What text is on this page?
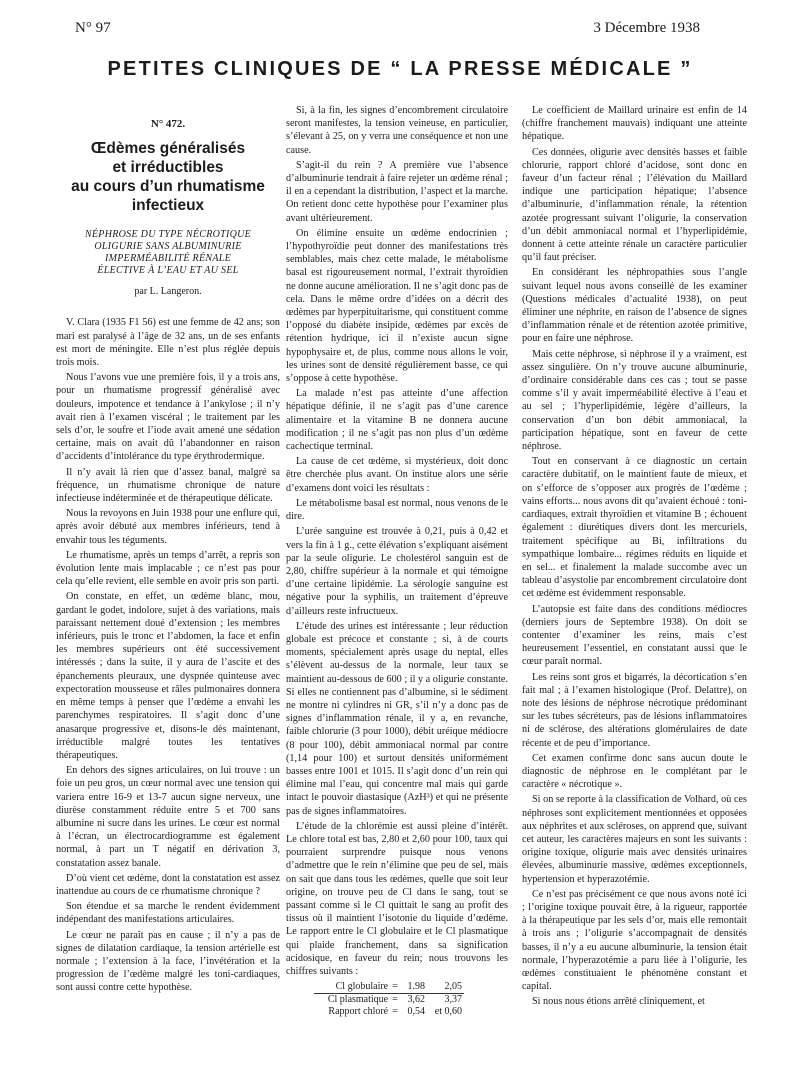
N° 97	3 Décembre 1938
PETITES CLINIQUES DE “ LA PRESSE MÉDICALE ”
N° 472.
Œdèmes généralisés
et irréductibles
au cours d’un rhumatisme
infectieux
NÉPHROSE DU TYPE NÉCROTIQUE
OLIGURIE SANS ALBUMINURIE
IMPERMÉABILITÉ RÉNALE
ÉLECTIVE À L’EAU ET AU SEL
par L. Langeron.

V. Clara (1935 F1 56) est une femme de 42 ans; son mari est paralysé à l’âge de 32 ans, un de ses enfants est mort de méningite. Elle n’est plus réglée depuis trois mois.

Nous l’avons vue une première fois, il y a trois ans, pour un rhumatisme progressif généralisé avec douleurs, impotence et tendance à l’ankylose ; il n’y avait rien à l’examen viscéral ; le traitement par les sels d’or, le soufre et l’iode avait amené une sédation certaine, mais on avait dû l’abandonner en raison d’accidents d’intolérance du type érythrodermique.

Il n’y avait là rien que d’assez banal, malgré sa fréquence, un rhumatisme chronique de nature infectieuse indéterminée et de thérapeutique délicate.

Nous la revoyons en Juin 1938 pour une enflure qui, après avoir débuté aux membres inférieurs, tend à envahir tous les téguments.

Le rhumatisme, après un temps d’arrêt, a repris son évolution lente mais implacable ; ce n’est pas pour cela qu’elle revient, elle semble en avoir pris son parti.

On constate, en effet, un œdème blanc, mou, gardant le godet, indolore, sujet à des variations, mais paraissant nettement doué d’extension ; les membres inférieurs, puis le tronc et l’abdomen, la face et enfin les membres supérieurs ont été successivement intéressés ; dans la suite, il y aura de l’ascite et des épanchements pleuraux, une dyspnée quinteuse avec expectoration mousseuse et râles pulmonaires donnera en même temps à penser que l’œdème a envahi les parenchymes respiratoires. Il s’agit donc d’une anasarque progressive et, disons-le dès maintenant, irréductible malgré toutes les tentatives thérapeutiques.

En dehors des signes articulaires, on lui trouve : un foie un peu gros, un cœur normal avec une tension qui variera entre 16-9 et 13-7 aucun signe nerveux, une diurèse constamment réduite entre 5 et 700 sans albumine ni sucre dans les urines. Le cœur est normal à l’écran, un électrocardiogramme est également normal, à part un T négatif en dérivation 3, constatation assez banale.

D’où vient cet œdème, dont la constatation est assez inattendue au cours de ce rhumatisme chronique ?

Son étendue et sa marche le rendent évidemment indépendant des manifestations articulaires.

Le cœur ne paraît pas en cause ; il n’y a pas de signes de dilatation cardiaque, la tension artérielle est normale ; l’extension à la face, l’invétération et la progression de l’œdème malgré les toni-cardiaques, sont aussi contre cette hypothèse.

Si, à la fin, les signes d’encombrement circulatoire seront manifestes, la tension veineuse, en particulier, s’élevant à 25, on y verra une conséquence et non une cause.

S’agit-il du rein ? A première vue l’absence d’albuminurie tendrait à faire rejeter un œdème rénal ; il en a cependant la distribution, l’aspect et la marche. On retient donc cette hypothèse pour l’examiner plus avant ultérieurement.

On élimine ensuite un œdème endocrinien ; l’hypothyroïdie peut donner des manifestations très semblables, mais chez cette malade, le métabolisme basal est rigoureusement normal, l’extrait thyroïdien ne donne aucune amélioration. Il ne s’agit donc pas de cela. Dans le même ordre d’idées on a décrit des œdèmes par hyperpituitarisme, qui constituent comme l’opposé du diabète insipide, œdèmes par excès de rétention hydrique, ici il n’existe aucun signe hypophysaire et, de plus, comme nous allons le voir, les urines sont de densité régulièrement basse, ce qui s’oppose à cette hypothèse.

La malade n’est pas atteinte d’une affection hépatique définie, il ne s’agit pas d’une carence alimentaire et la vitamine B ne donnera aucune modification ; il ne s’agit pas non plus d’un œdème cachectique terminal.

La cause de cet œdème, si mystérieux, doit donc être cherchée plus avant. On institue alors une série d’examens dont voici les résultats :

Le métabolisme basal est normal, nous venons de le dire.

L’urée sanguine est trouvée à 0,21, puis à 0,42 et vers la fin à 1 g., cette élévation s’expliquant aisément par la seule oligurie. Le cholestérol sanguin est de 2,80, chiffre supérieur à la normale et qui témoigne d’une certaine lipidémie. La sérologie sanguine est négative pour la syphilis, un traitement d’épreuve d’ailleurs reste infructueux.

L’étude des urines est intéressante ; leur réduction globale est précoce et constante ; si, à de courts moments, spécialement après usage du neptal, elles s’élèvent au-dessus de la normale, leur taux se maintient au-dessous de 600 ; il y a oligurie constante. Si elles ne contiennent pas d’albumine, si le sédiment ne montre ni cylindres ni GR, s’il n’y a donc pas de signes d’inflammation rénale, il y a, en revanche, faible chlorurie (3 pour 1000), débit uréique médiocre (8 pour 100), débit ammoniacal normal par contre (1,14 pour 100) et surtout densités uniformément basses entre 1001 et 1015. Il s’agit donc d’un rein qui élimine mal l’eau, qui concentre mal mais qui garde intact le pouvoir diastasique (AzH³) et qui ne présente pas de signes inflammatoires.

L’étude de la chlorémie est aussi pleine d’intérêt. Le chlore total est bas, 2,80 et 2,60 pour 100, taux qui pourraient surprendre puisque nous venons d’admettre que le rein n’élimine que peu de sel, mais on sait que dans tous les œdèmes, quelle que soit leur origine, on trouve peu de Cl dans le sang, tout se passant comme si le Cl quittait le sang au profit des tissus où il maintient l’isotonie du liquide d’œdème. Le rapport entre le Cl globulaire et le Cl plasmatique qui plaide franchement, dans sa signification acidosique, en faveur du rein; nous trouvons les chiffres suivants :

Cl globulaire	=	1.98	2,05
Cl plasmatique	=	3,62	3,37
Rapport chloré	=	0,54	et 0,60

Le coefficient de Maillard urinaire est enfin de 14 (chiffre franchement mauvais) indiquant une atteinte hépatique.

Ces données, oligurie avec densités basses et faible chlorurie, rapport chloré d’acidose, sont donc en faveur d’un facteur rénal ; l’élévation du Maillard indique une participation hépatique; l’absence d’albuminurie, d’inflammation rénale, la rétention azotée progressant suivant l’oligurie, la conservation d’un débit ammoniacal normal et l’hyperlipidémie, donnent à cette atteinte rénale un caractère particulier qu’il faut préciser.

En considérant les néphropathies sous l’angle suivant lequel nous avons conseillé de les examiner (Questions médicales d’actualité 1938), on peut éliminer une néphrite, en raison de l’absence de signes d’inflammation rénale et de rétention azotée primitive, pour en faire une néphrose.

Mais cette néphrose, si néphrose il y a vraiment, est assez singulière. On n’y trouve aucune albuminurie, d’ordinaire considérable dans ces cas ; tout se passe comme s’il y avait imperméabilité élective à l’eau et au sel ; l’hyperlipidémie, légère d’ailleurs, la conservation d’un bon débit ammoniacal, la participation hépatique, sont en faveur de cette néphrose.

Tout en conservant à ce diagnostic un certain caractère dubitatif, on le maintient faute de mieux, et on s’efforce de s’opposer aux progrès de l’œdème ; vains efforts... nous avons dit qu’avaient échoué : toni-cardiaques, extrait thyroïdien et vitamine B ; échouent également : diurétiques divers dont les mercuriels, traitement spécifique au Bi, infiltrations du sympathique lombaire... régimes réduits en liquide et en sel... et finalement la malade succombe avec un tableau d’asystolie par encombrement circulatoire dont cet œdème est évidemment responsable.

L’autopsie est faite dans des conditions médiocres (derniers jours de Septembre 1938). On doit se contenter d’examiner les reins, mais c’est heureusement l’essentiel, en constatant aussi que le cœur paraît normal.

Les reins sont gros et bigarrés, la décortication s’en fait mal ; à l’examen histologique (Prof. Delattre), on note des lésions de néphrose nécrotique prédominant sur les tubes sécréteurs, pas de lésions inflammatoires ni de sclérose, des altérations glomérulaires de date récente et de peu d’importance.

Cet examen confirme donc sans aucun doute le diagnostic de néphrose en le complétant par le caractère « nécrotique ».

Si on se reporte à la classification de Volhard, où ces néphroses sont explicitement mentionnées et opposées aux néphrites et aux scléroses, on apprend que, suivant cet auteur, les caractères majeurs en sont les suivants : origine toxique, oligurie mais avec densités urinaires élevées, albuminurie massive, œdèmes exceptionnels, hypertension et hyperazotémie.

Ce n’est pas précisément ce que nous avons noté ici ; l’origine toxique pouvait être, à la rigueur, rapportée à la thérapeutique par les sels d’or, mais elle remontait à trois ans ; l’oligurie s’accompagnait de densités basses, il n’y a eu aucune albuminurie, la tension était normale, l’hyperazotémie a paru liée à l’oligurie, les œdèmes constituaient le phénomène constant et capital.

Si nous nous étions arrêté cliniquement, et
